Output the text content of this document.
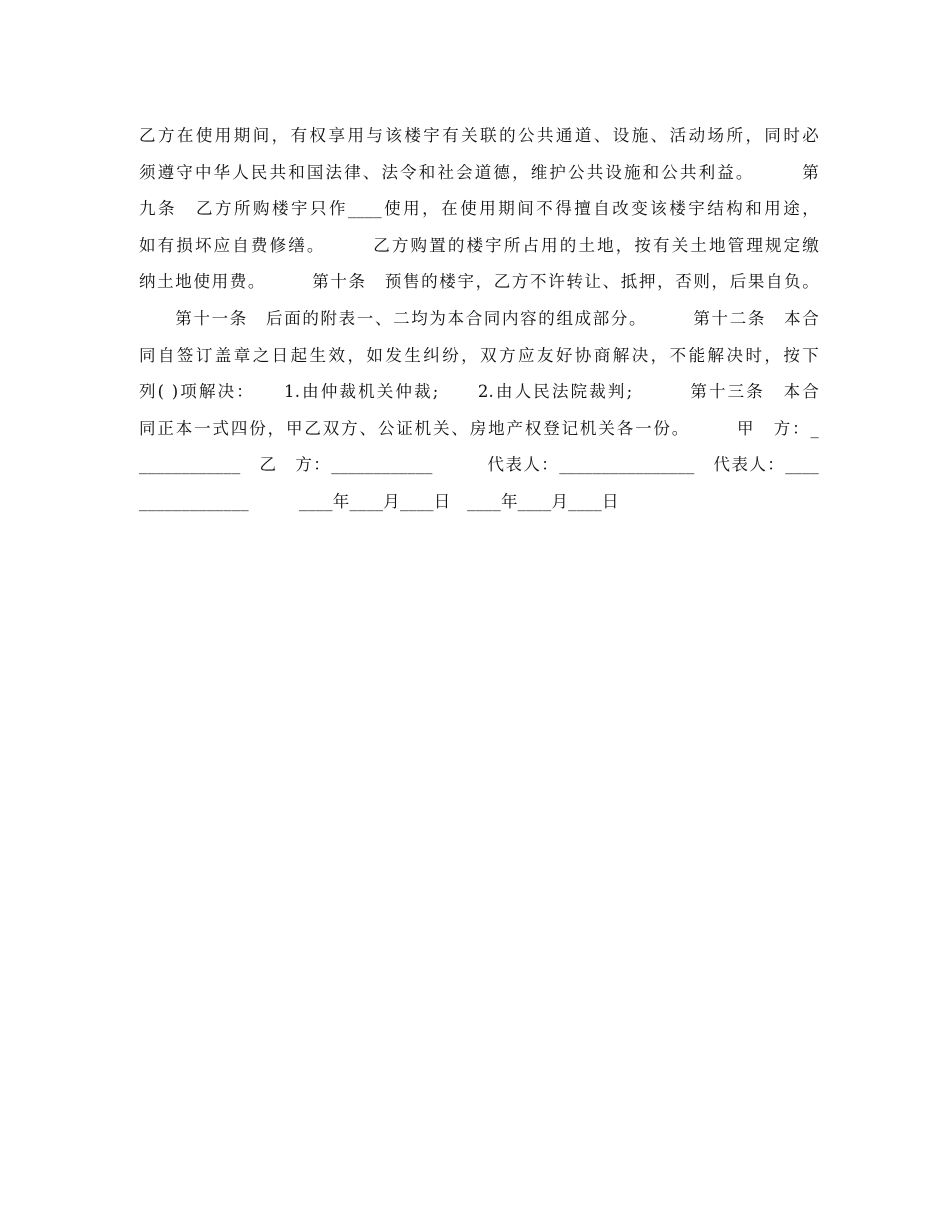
乙方在使用期间，有权享用与该楼宇有关联的公共通道、设施、活动场所，同时必
须遵守中华人民共和国法律、法令和社会道德，维护公共设施和公共利益。　　　第
九条　乙方所购楼宇只作____使用，在使用期间不得擅自改变该楼宇结构和用途，
如有损坏应自费修缮。　　　乙方购置的楼宇所占用的土地，按有关土地管理规定缴
纳土地使用费。　　　第十条　预售的楼宇，乙方不许转让、抵押，否则，后果自负。
　　第十一条　后面的附表一、二均为本合同内容的组成部分。　　　第十二条　本合
同自签订盖章之日起生效，如发生纠纷，双方应友好协商解决，不能解决时，按下
列( )项解决：　　1.由仲裁机关仲裁;　　2.由人民法院裁判;　　　第十三条　本合
同正本一式四份，甲乙双方、公证机关、房地产权登记机关各一份。　　　甲　方：_
____________　乙　方：____________　　　代表人：________________　代表人：____
_____________　　　____年____月____日　____年____月____日
